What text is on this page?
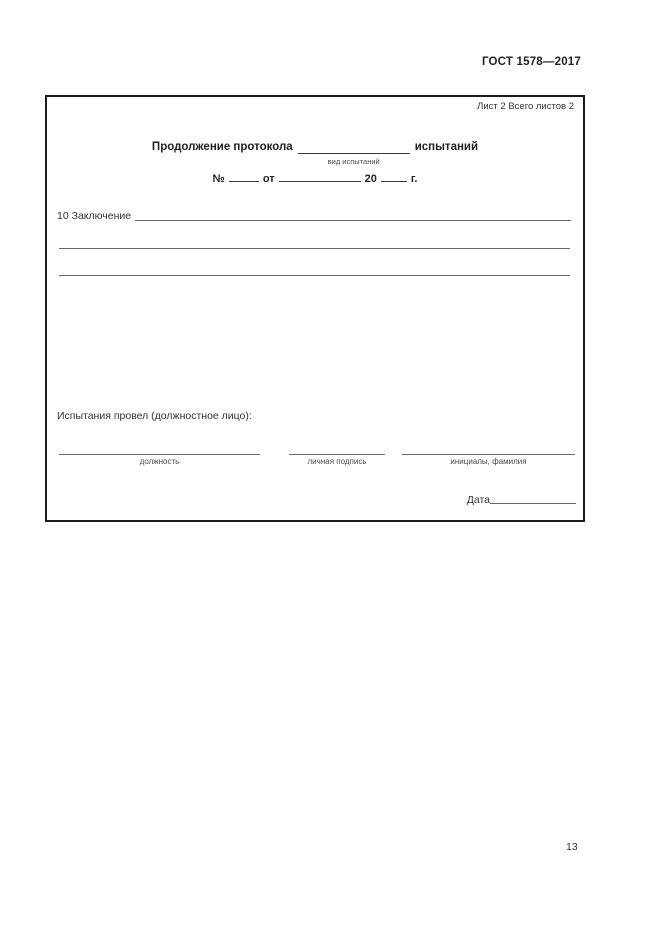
ГОСТ 1578—2017
Лист 2 Всего листов 2
Продолжение протокола
вид испытаний
испытаний
№	от	20	г.
10 Заключение
Испытания провел (должностное лицо):
должность	личная подпись	инициалы, фамилия
Дата
13
